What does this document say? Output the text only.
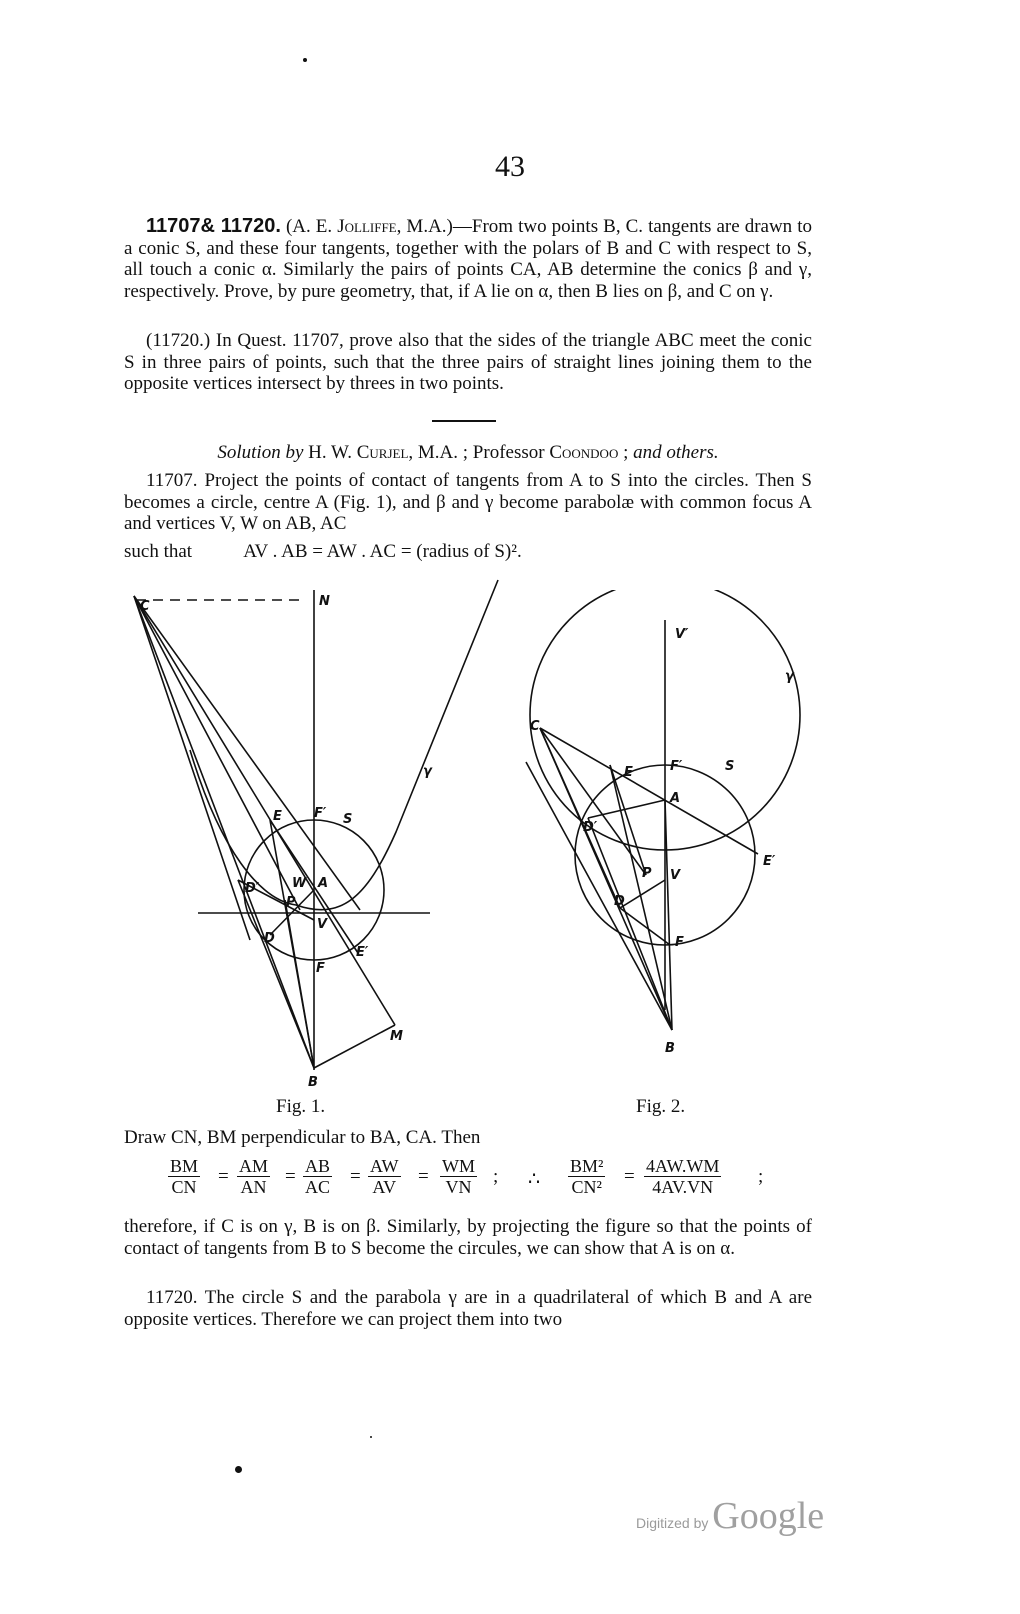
43
11707& 11720. (A. E. Jolliffe, M.A.)—From two points B, C. tangents are drawn to a conic S, and these four tangents, together with the polars of B and C with respect to S, all touch a conic α. Similarly the pairs of points CA, AB determine the conics β and γ, respectively. Prove, by pure geometry, that, if A lie on α, then B lies on β, and C on γ.
(11720.) In Quest. 11707, prove also that the sides of the triangle ABC meet the conic S in three pairs of points, such that the three pairs of straight lines joining them to the opposite vertices intersect by threes in two points.
Solution by H. W. Curjel, M.A. ; Professor Coondoo ; and others.
11707. Project the points of contact of tangents from A to S into the circles. Then S becomes a circle, centre A (Fig. 1), and β and γ become parabolæ with common focus A and vertices V, W on AB, AC
such that           AV . AB = AW . AC = (radius of S)².
C	N
E F′ S
γ
D′	W A
P
V
D
E′
F
M
B
V′
γ
C
E	F′	S
A
D′
E′
P V
D
F
B
Fig. 1.	Fig. 2.
Draw CN, BM perpendicular to BA, CA. Then
BM
CN = AM
AN = AB
AC = AW
AV = WM
VN ; ∴
BM²
CN² = 4AW.WM
4AV.VN ;
therefore, if C is on γ, B is on β. Similarly, by projecting the figure so that the points of contact of tangents from B to S become the circules, we can show that A is on α.
11720. The circle S and the parabola γ are in a quadrilateral of which B and A are opposite vertices. Therefore we can project them into two
Digitized by Google
